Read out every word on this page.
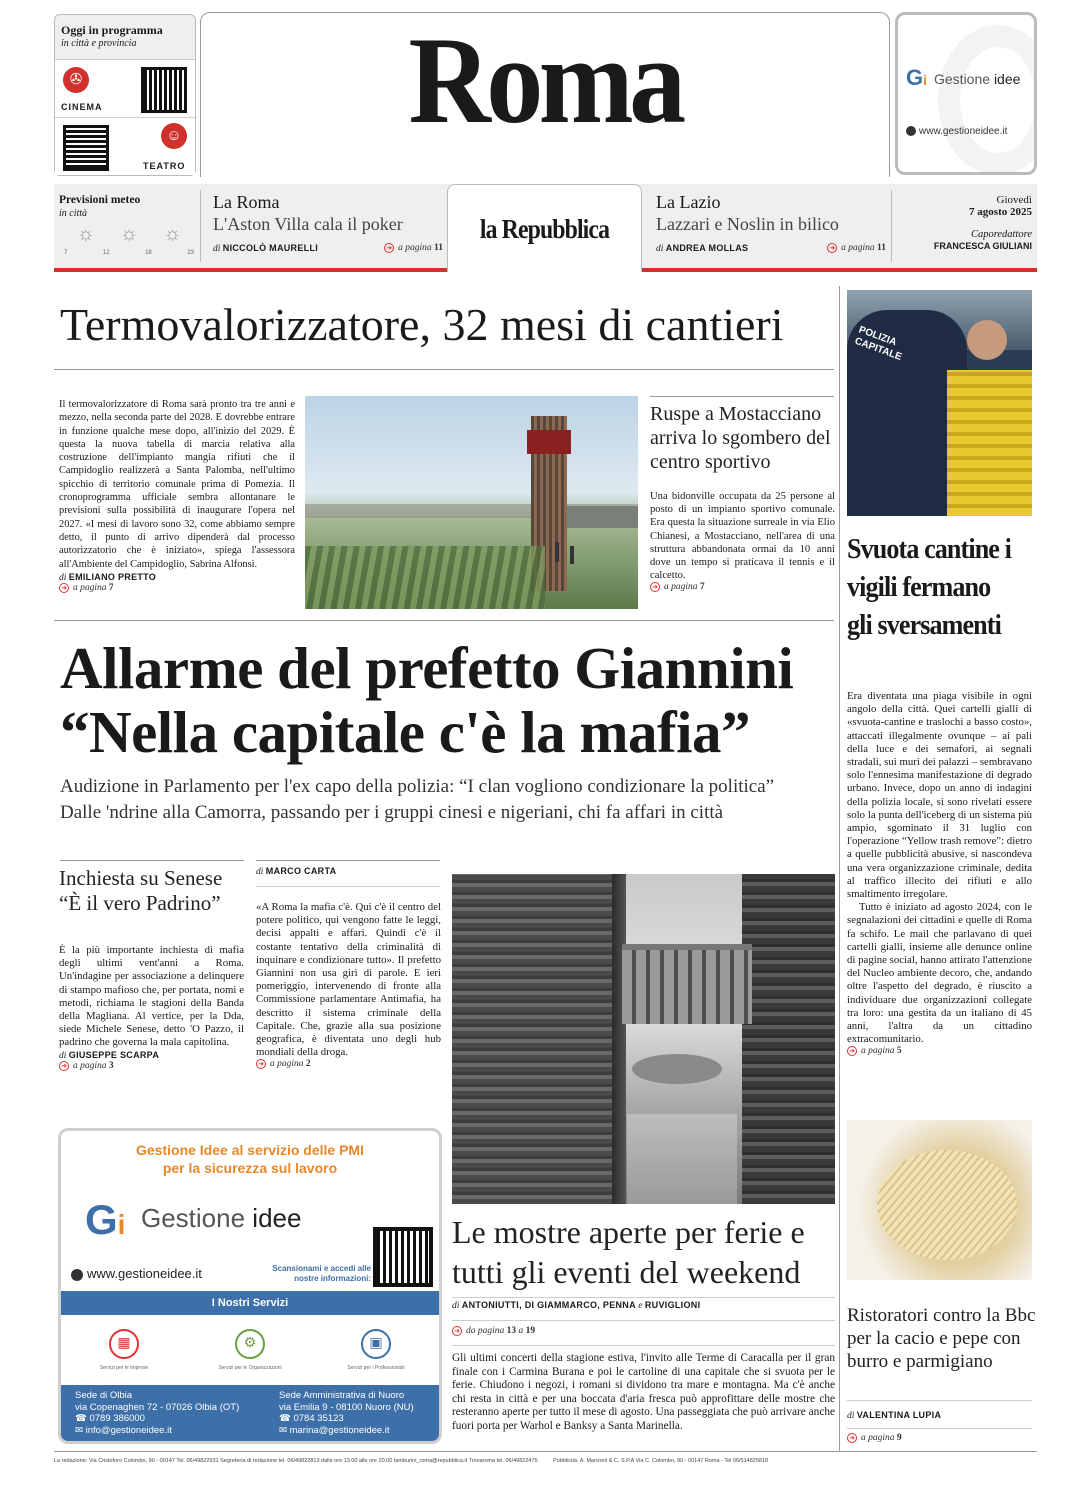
Oggi in programma
in città e provincia
✇
CINEMA
☺
TEATRO
Roma	Gi Gestione idee
www.gestioneidee.it
Previsioni meteo
in città
☼ ☼ ☼
7	12	18	23
La Roma
L'Aston Villa cala il poker
di NICCOLÒ MAURELLI	➜ a pagina 11
la Repubblica
La Lazio
Lazzari e Noslin in bilico
di ANDREA MOLLAS	➜ a pagina 11
Giovedì
7 agosto 2025
Caporedattore
FRANCESCA GIULIANI
Termovalorizzatore, 32 mesi di cantieri
Il termovalorizzatore di Roma sarà pronto tra tre anni e mezzo, nella seconda parte del 2028. E dovrebbe entrare in funzione qualche mese dopo, all'inizio del 2029. È questa la nuova tabella di marcia relativa alla costruzione dell'impianto mangia rifiuti che il Campidoglio realizzerà a Santa Palomba, nell'ultimo spicchio di territorio comunale prima di Pomezia. Il cronoprogramma ufficiale sembra allontanare le previsioni sulla possibilità di inaugurare l'opera nel 2027. «I mesi di lavoro sono 32, come abbiamo sempre detto, il punto di arrivo dipenderà dal processo autorizzatorio che è iniziato», spiega l'assessora all'Ambiente del Campidoglio, Sabrina Alfonsi.
di EMILIANO PRETTO
➜ a pagina 7
Ruspe a Mostacciano arriva lo sgombero del centro sportivo
Una bidonville occupata da 25 persone al posto di un impianto sportivo comunale. Era questa la situazione surreale in via Elio Chianesi, a Mostacciano, nell'area di una struttura abbandonata ormai da 10 anni dove un tempo si praticava il tennis e il calcetto.
➜ a pagina 7
Allarme del prefetto Giannini
“Nella capitale c'è la mafia”
Audizione in Parlamento per l'ex capo della polizia: “I clan vogliono condizionare la politica”
Dalle 'ndrine alla Camorra, passando per i gruppi cinesi e nigeriani, chi fa affari in città
Inchiesta su Senese “È il vero Padrino”
È la più importante inchiesta di mafia degli ultimi vent'anni a Roma. Un'indagine per associazione a delinquere di stampo mafioso che, per portata, nomi e metodi, richiama le stagioni della Banda della Magliana. Al vertice, per la Dda, siede Michele Senese, detto 'O Pazzo, il padrino che governa la mala capitolina.
di GIUSEPPE SCARPA
➜ a pagina 3
di MARCO CARTA
«A Roma la mafia c'è. Qui c'è il centro del potere politico, qui vengono fatte le leggi, decisi appalti e affari. Quindi c'è il costante tentativo della criminalità di inquinare e condizionare tutto». Il prefetto Giannini non usa giri di parole. E ieri pomeriggio, intervenendo di fronte alla Commissione parlamentare Antimafia, ha descritto il sistema criminale della Capitale. Che, grazie alla sua posizione geografica, è diventata uno degli hub mondiali della droga.
➜ a pagina 2
Le mostre aperte per ferie e tutti gli eventi del weekend
di ANTONIUTTI, DI GIAMMARCO, PENNA e RUVIGLIONI
➜ da pagina 13 a 19
Gli ultimi concerti della stagione estiva, l'invito alle Terme di Caracalla per il gran finale con i Carmina Burana e poi le cartoline di una capitale che si svuota per le ferie. Chiudono i negozi, i romani si dividono tra mare e montagna. Ma c'è anche chi resta in città e per una boccata d'aria fresca può approfittare delle mostre che resteranno aperte per tutto il mese di agosto. Una passeggiata che può arrivare anche fuori porta per Warhol e Banksy a Santa Marinella.
Gestione Idee al servizio delle PMI
per la sicurezza sul lavoro
Gi Gestione idee
www.gestioneidee.it	Scansionami e accedi alle nostre informazioni:
I Nostri Servizi
▦
Servizi per le Imprese
⚙
Servizi per le Organizzazioni
▣
Servizi per i Professionisti
Sede di Olbia
via Copenaghen 72 - 07026 Olbia (OT)
☎ 0789 386000
✉ info@gestioneidee.it
Sede Amministrativa di Nuoro
via Emilia 9 - 08100 Nuoro (NU)
☎ 0784 35123
✉ marina@gestioneidee.it
POLIZIA CAPITALE
Svuota cantine i vigili fermano gli sversamenti
Era diventata una piaga visibile in ogni angolo della città. Quei cartelli gialli di «svuota-cantine e traslochi a basso costo», attaccati illegalmente ovunque – ai pali della luce e dei semafori, ai segnali stradali, sui muri dei palazzi – sembravano solo l'ennesima manifestazione di degrado urbano. Invece, dopo un anno di indagini della polizia locale, si sono rivelati essere solo la punta dell'iceberg di un sistema più ampio, sgominato il 31 luglio con l'operazione “Yellow trash remove”: dietro a quelle pubblicità abusive, si nascondeva una vera organizzazione criminale, dedita al traffico illecito dei rifiuti e allo smaltimento irregolare.
Tutto è iniziato ad agosto 2024, con le segnalazioni dei cittadini e quelle di Roma fa schifo. Le mail che parlavano di quei cartelli gialli, insieme alle denunce online di pagine social, hanno attirato l'attenzione del Nucleo ambiente decoro, che, andando oltre l'aspetto del degrado, è riuscito a individuare due organizzazioni collegate tra loro: una gestita da un italiano di 45 anni, l'altra da un cittadino extracomunitario.
➜ a pagina 5
Ristoratori contro la Bbc per la cacio e pepe con burro e parmigiano
di VALENTINA LUPIA
➜ a pagina 9
La redazione: Via Cristoforo Colombo, 90 - 00147 Tel. 06/49822931 Segreteria di redazione tel. 06/49822813 dalle ore 13.00 alle ore 20.00 tamburini_roma@repubblica.it Trovaroma tel. 06/49822475	Pubblicità: A. Manzoni & C. S.P.A Via C. Colombo, 90 - 00147 Roma - Tel 06/514825818
